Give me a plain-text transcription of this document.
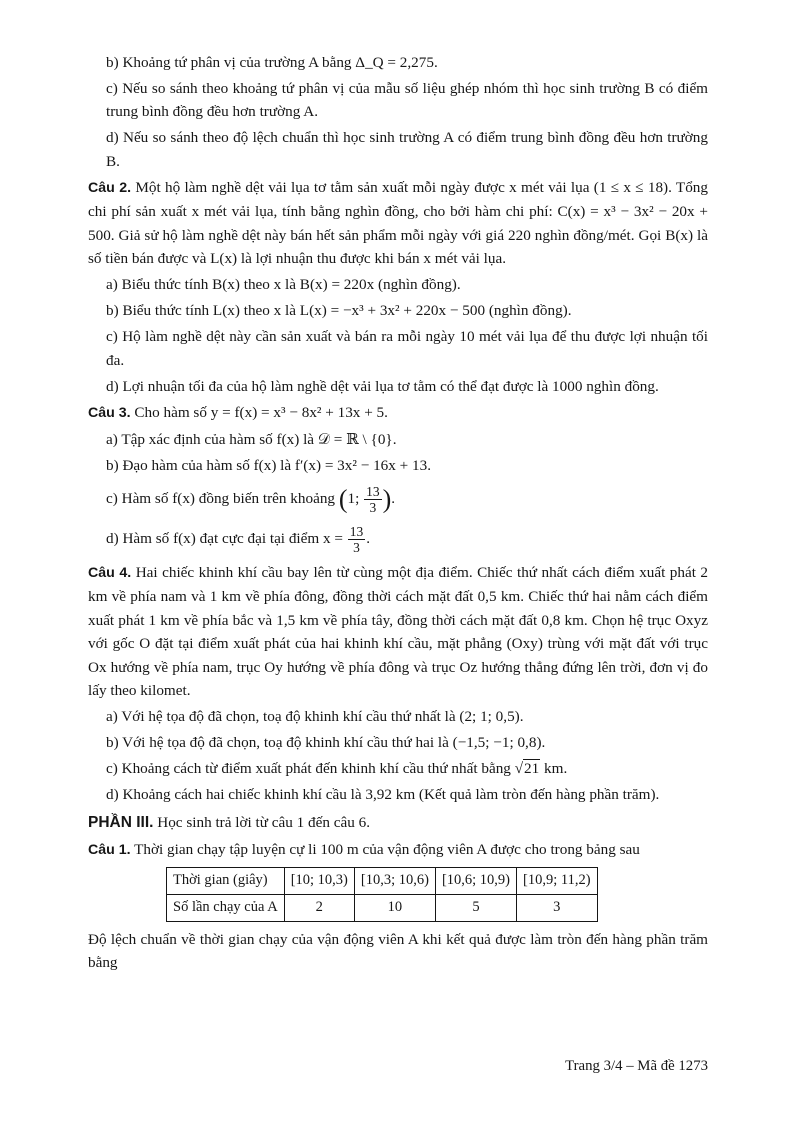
b) Khoảng tứ phân vị của trường A bằng Δ_Q = 2,275.

c) Nếu so sánh theo khoảng tứ phân vị của mẫu số liệu ghép nhóm thì học sinh trường B có điểm trung bình đồng đều hơn trường A.

d) Nếu so sánh theo độ lệch chuẩn thì học sinh trường A có điểm trung bình đồng đều hơn trường B.

Câu 2. Một hộ làm nghề dệt vải lụa tơ tằm sản xuất mỗi ngày được x mét vải lụa (1 ≤ x ≤ 18). Tổng chi phí sản xuất x mét vải lụa, tính bằng nghìn đồng, cho bởi hàm chi phí: C(x) = x³ − 3x² − 20x + 500. Giả sử hộ làm nghề dệt này bán hết sản phẩm mỗi ngày với giá 220 nghìn đồng/mét. Gọi B(x) là số tiền bán được và L(x) là lợi nhuận thu được khi bán x mét vải lụa.

a) Biểu thức tính B(x) theo x là B(x) = 220x (nghìn đồng).

b) Biểu thức tính L(x) theo x là L(x) = −x³ + 3x² + 220x − 500 (nghìn đồng).

c) Hộ làm nghề dệt này cần sản xuất và bán ra mỗi ngày 10 mét vải lụa để thu được lợi nhuận tối đa.

d) Lợi nhuận tối đa của hộ làm nghề dệt vải lụa tơ tằm có thể đạt được là 1000 nghìn đồng.

Câu 3. Cho hàm số y = f(x) = x³ − 8x² + 13x + 5.

a) Tập xác định của hàm số f(x) là 𝒟 = ℝ \ {0}.

b) Đạo hàm của hàm số f(x) là f′(x) = 3x² − 16x + 13.

c) Hàm số f(x) đồng biến trên khoảng (1; $\frac{13}{3}$ ).

d) Hàm số f(x) đạt cực đại tại điểm $x = \frac{13}{3}$ .

Câu 4. Hai chiếc khinh khí cầu bay lên từ cùng một địa điểm. Chiếc thứ nhất cách điểm xuất phát 2 km về phía nam và 1 km về phía đông, đồng thời cách mặt đất 0,5 km. Chiếc thứ hai nằm cách điểm xuất phát 1 km về phía bắc và 1,5 km về phía tây, đồng thời cách mặt đất 0,8 km. Chọn hệ trục Oxyz với gốc O đặt tại điểm xuất phát của hai khinh khí cầu, mặt phẳng (Oxy) trùng với mặt đất với trục Ox hướng về phía nam, trục Oy hướng về phía đông và trục Oz hướng thẳng đứng lên trời, đơn vị đo lấy theo kilomet.

a) Với hệ tọa độ đã chọn, toạ độ khinh khí cầu thứ nhất là (2; 1; 0,5).

b) Với hệ tọa độ đã chọn, toạ độ khinh khí cầu thứ hai là (−1,5; −1; 0,8).

c) Khoảng cách từ điểm xuất phát đến khinh khí cầu thứ nhất bằng √21 km.

d) Khoảng cách hai chiếc khinh khí cầu là 3,92 km (Kết quả làm tròn đến hàng phần trăm).

PHẦN III. Học sinh trả lời từ câu 1 đến câu 6.

Câu 1. Thời gian chạy tập luyện cự li 100 m của vận động viên A được cho trong bảng sau

Thời gian (giây)	[10; 10,3)	[10,3; 10,6)	[10,6; 10,9)	[10,9; 11,2)
Số lần chạy của A	2	10	5	3

Độ lệch chuẩn về thời gian chạy của vận động viên A khi kết quả được làm tròn đến hàng phần trăm bằng

Trang 3/4 – Mã đề 1273
